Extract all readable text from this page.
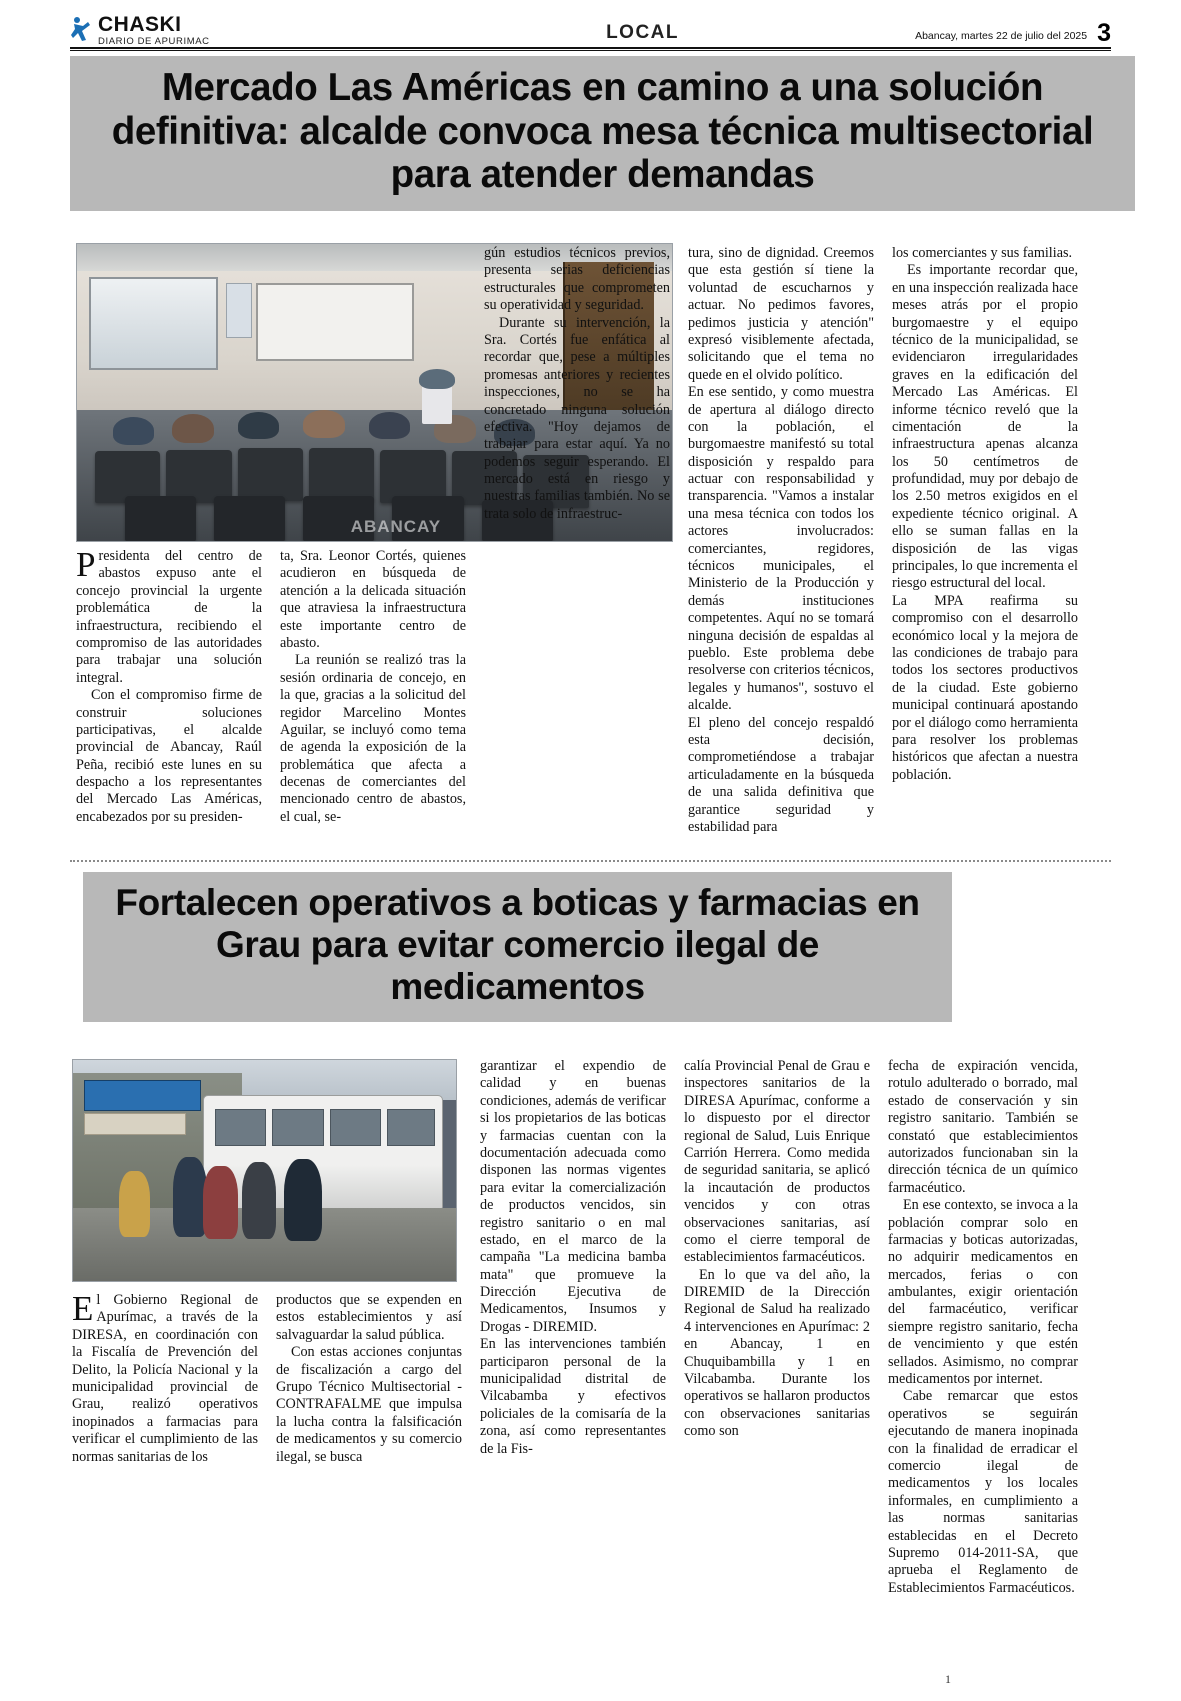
CHASKI
DIARIO DE APURIMAC	LOCAL	Abancay, martes 22 de julio del 2025 3
Mercado Las Américas en camino a una solución definitiva: alcalde convoca mesa técnica multisectorial para atender demandas
ABANCAY

Presidenta del centro de abastos expuso ante el concejo provincial la urgente problemática de la infraestructura, recibiendo el compromiso de las autoridades para trabajar una solución integral.

Con el compromiso firme de construir soluciones participativas, el alcalde provincial de Abancay, Raúl Peña, recibió este lunes en su despacho a los representantes del Mercado Las Américas, encabezados por su presiden-

ta, Sra. Leonor Cortés, quienes acudieron en búsqueda de atención a la delicada situación que atraviesa la infraestructura este importante centro de abasto.

La reunión se realizó tras la sesión ordinaria de concejo, en la que, gracias a la solicitud del regidor Marcelino Montes Aguilar, se incluyó como tema de agenda la exposición de la problemática que afecta a decenas de comerciantes del mencionado centro de abastos, el cual, se-

gún estudios técnicos previos, presenta serias deficiencias estructurales que comprometen su operatividad y seguridad.

Durante su intervención, la Sra. Cortés fue enfática al recordar que, pese a múltiples promesas anteriores y recientes inspecciones, no se ha concretado ninguna solución efectiva. "Hoy dejamos de trabajar para estar aquí. Ya no podemos seguir esperando. El mercado está en riesgo y nuestras familias también. No se trata solo de infraestruc-

tura, sino de dignidad. Creemos que esta gestión sí tiene la voluntad de escucharnos y actuar. No pedimos favores, pedimos justicia y atención" expresó visiblemente afectada, solicitando que el tema no quede en el olvido político.

En ese sentido, y como muestra de apertura al diálogo directo con la población, el burgomaestre manifestó su total disposición y respaldo para actuar con responsabilidad y transparencia. "Vamos a instalar una mesa técnica con todos los actores involucrados: comerciantes, regidores, técnicos municipales, el Ministerio de la Producción y demás instituciones competentes. Aquí no se tomará ninguna decisión de espaldas al pueblo. Este problema debe resolverse con criterios técnicos, legales y humanos", sostuvo el alcalde.

El pleno del concejo respaldó esta decisión, comprometiéndose a trabajar articuladamente en la búsqueda de una salida definitiva que garantice seguridad y estabilidad para

los comerciantes y sus familias.

Es importante recordar que, en una inspección realizada hace meses atrás por el propio burgomaestre y el equipo técnico de la municipalidad, se evidenciaron irregularidades graves en la edificación del Mercado Las Américas. El informe técnico reveló que la cimentación de la infraestructura apenas alcanza los 50 centímetros de profundidad, muy por debajo de los 2.50 metros exigidos en el expediente técnico original. A ello se suman fallas en la disposición de las vigas principales, lo que incrementa el riesgo estructural del local.

La MPA reafirma su compromiso con el desarrollo económico local y la mejora de las condiciones de trabajo para todos los sectores productivos de la ciudad. Este gobierno municipal continuará apostando por el diálogo como herramienta para resolver los problemas históricos que afectan a nuestra población.

Fortalecen operativos a boticas y farmacias en Grau para evitar comercio ilegal de medicamentos

El Gobierno Regional de Apurímac, a través de la DIRESA, en coordinación con la Fiscalía de Prevención del Delito, la Policía Nacional y la municipalidad provincial de Grau, realizó operativos inopinados a farmacias para verificar el cumplimiento de las normas sanitarias de los

productos que se expenden en estos establecimientos y así salvaguardar la salud pública.

Con estas acciones conjuntas de fiscalización a cargo del Grupo Técnico Multisectorial - CONTRAFALME que impulsa la lucha contra la falsificación de medicamentos y su comercio ilegal, se busca

garantizar el expendio de calidad y en buenas condiciones, además de verificar si los propietarios de las boticas y farmacias cuentan con la documentación adecuada como disponen las normas vigentes para evitar la comercialización de productos vencidos, sin registro sanitario o en mal estado, en el marco de la campaña "La medicina bamba mata" que promueve la Dirección Ejecutiva de Medicamentos, Insumos y Drogas - DIREMID.

En las intervenciones también participaron personal de la municipalidad distrital de Vilcabamba y efectivos policiales de la comisaría de la zona, así como representantes de la Fis-

calía Provincial Penal de Grau e inspectores sanitarios de la DIRESA Apurímac, conforme a lo dispuesto por el director regional de Salud, Luis Enrique Carrión Herrera. Como medida de seguridad sanitaria, se aplicó la incautación de productos vencidos y con otras observaciones sanitarias, así como el cierre temporal de establecimientos farmacéuticos.

En lo que va del año, la DIREMID de la Dirección Regional de Salud ha realizado 4 intervenciones en Apurímac: 2 en Abancay, 1 en Chuquibambilla y 1 en Vilcabamba. Durante los operativos se hallaron productos con observaciones sanitarias como son

fecha de expiración vencida, rotulo adulterado o borrado, mal estado de conservación y sin registro sanitario. También se constató que establecimientos autorizados funcionaban sin la dirección técnica de un químico farmacéutico.

En ese contexto, se invoca a la población comprar solo en farmacias y boticas autorizadas, no adquirir medicamentos en mercados, ferias o con ambulantes, exigir orientación del farmacéutico, verificar siempre registro sanitario, fecha de vencimiento y que estén sellados. Asimismo, no comprar medicamentos por internet.

Cabe remarcar que estos operativos se seguirán ejecutando de manera inopinada con la finalidad de erradicar el comercio ilegal de medicamentos y los locales informales, en cumplimiento a las normas sanitarias establecidas en el Decreto Supremo 014-2011-SA, que aprueba el Reglamento de Establecimientos Farmacéuticos.

1
